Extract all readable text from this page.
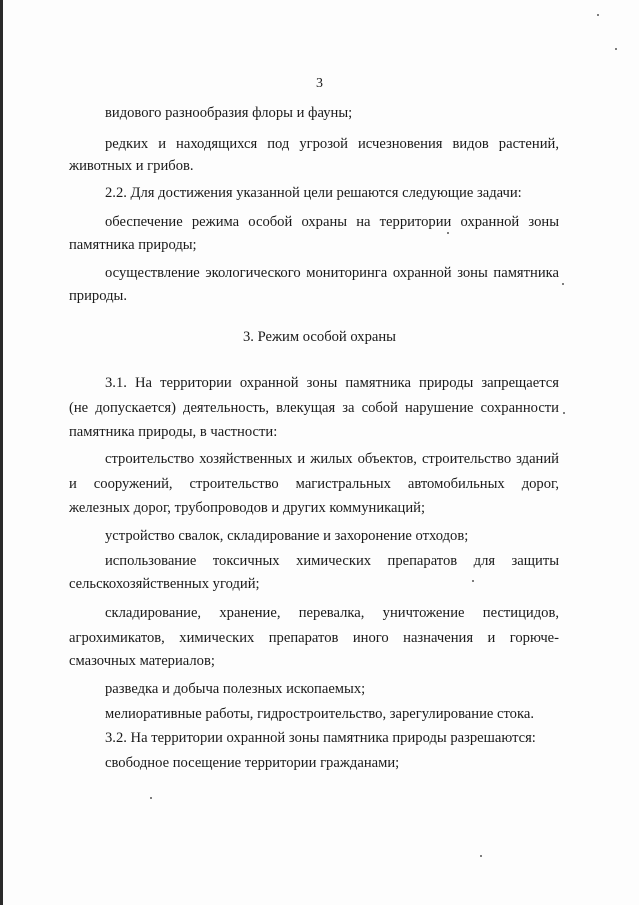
3
видового разнообразия флоры и фауны;
редких и находящихся под угрозой исчезновения видов растений,
животных и грибов.
2.2. Для достижения указанной цели решаются следующие задачи:
обеспечение режима особой охраны на территории охранной зоны
памятника природы;
осуществление экологического мониторинга охранной зоны памятника
природы.
3. Режим особой охраны
3.1. На территории охранной зоны памятника природы запрещается
(не допускается) деятельность, влекущая за собой нарушение сохранности
памятника природы, в частности:
строительство хозяйственных и жилых объектов, строительство зданий
и сооружений, строительство магистральных автомобильных дорог,
железных дорог, трубопроводов и других коммуникаций;
устройство свалок, складирование и захоронение отходов;
использование токсичных химических препаратов для защиты
сельскохозяйственных угодий;
складирование, хранение, перевалка, уничтожение пестицидов,
агрохимикатов, химических препаратов иного назначения и горюче-
смазочных материалов;
разведка и добыча полезных ископаемых;
мелиоративные работы, гидростроительство, зарегулирование стока.
3.2. На территории охранной зоны памятника природы разрешаются:
свободное посещение территории гражданами;
